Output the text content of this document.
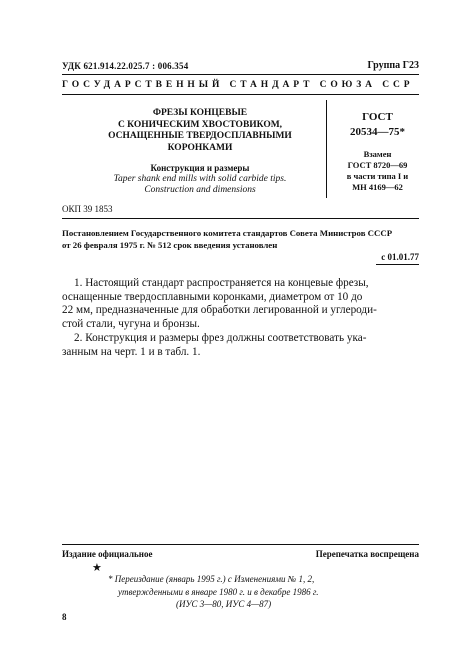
УДК 621.914.22.025.7 : 006.354	Группа Г23
ГОСУДАРСТВЕННЫЙ СТАНДАРТ СОЮЗА ССР
ФРЕЗЫ КОНЦЕВЫЕ
С КОНИЧЕСКИМ ХВОСТОВИКОМ,
ОСНАЩЕННЫЕ ТВЕРДОСПЛАВНЫМИ
КОРОНКАМИ
Конструкция и размеры
Taper shank end mills with solid carbide tips.
Construction and dimensions
ГОСТ
20534—75*
Взамен
ГОСТ 8720—69
в части типа I и
МН 4169—62
ОКП 39 1853
Постановлением Государственного комитета стандартов Совета Министров СССР
от 26 февраля 1975 г. № 512 срок введения установлен
с 01.01.77
1. Настоящий стандарт распространяется на концевые фрезы,
оснащенные твердосплавными коронками, диаметром от 10 до
22 мм, предназначенные для обработки легированной и углероди-
стой стали, чугуна и бронзы.
2. Конструкция и размеры фрез должны соответствовать ука-
занным на черт. 1 и в табл. 1.
Издание официальное	Перепечатка воспрещена
★
* Переиздание (январь 1995 г.) с Изменениями № 1, 2,
утвержденными в январе 1980 г. и в декабре 1986 г.
(ИУС 3—80, ИУС 4—87)
8
